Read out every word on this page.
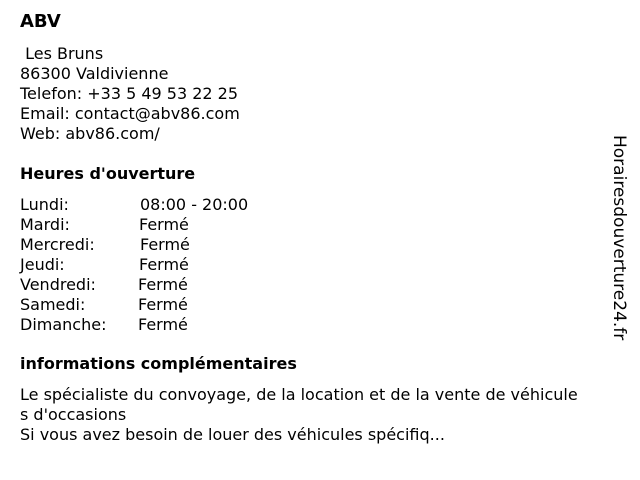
ABV
Les Bruns
86300 Valdivienne
Telefon: +33 5 49 53 22 25
Email: contact@abv86.com
Web: abv86.com/
Heures d'ouverture
Lundi:	08:00 - 20:00
Mardi:	Fermé
Mercredi:	Fermé
Jeudi:	Fermé
Vendredi:	Fermé
Samedi:	Fermé
Dimanche: Fermé
informations complémentaires
Le spécialiste du convoyage, de la location et de la vente de véhicule
s d'occasions
Si vous avez besoin de louer des véhicules spécifiq...
Horairesdouverture24.fr
